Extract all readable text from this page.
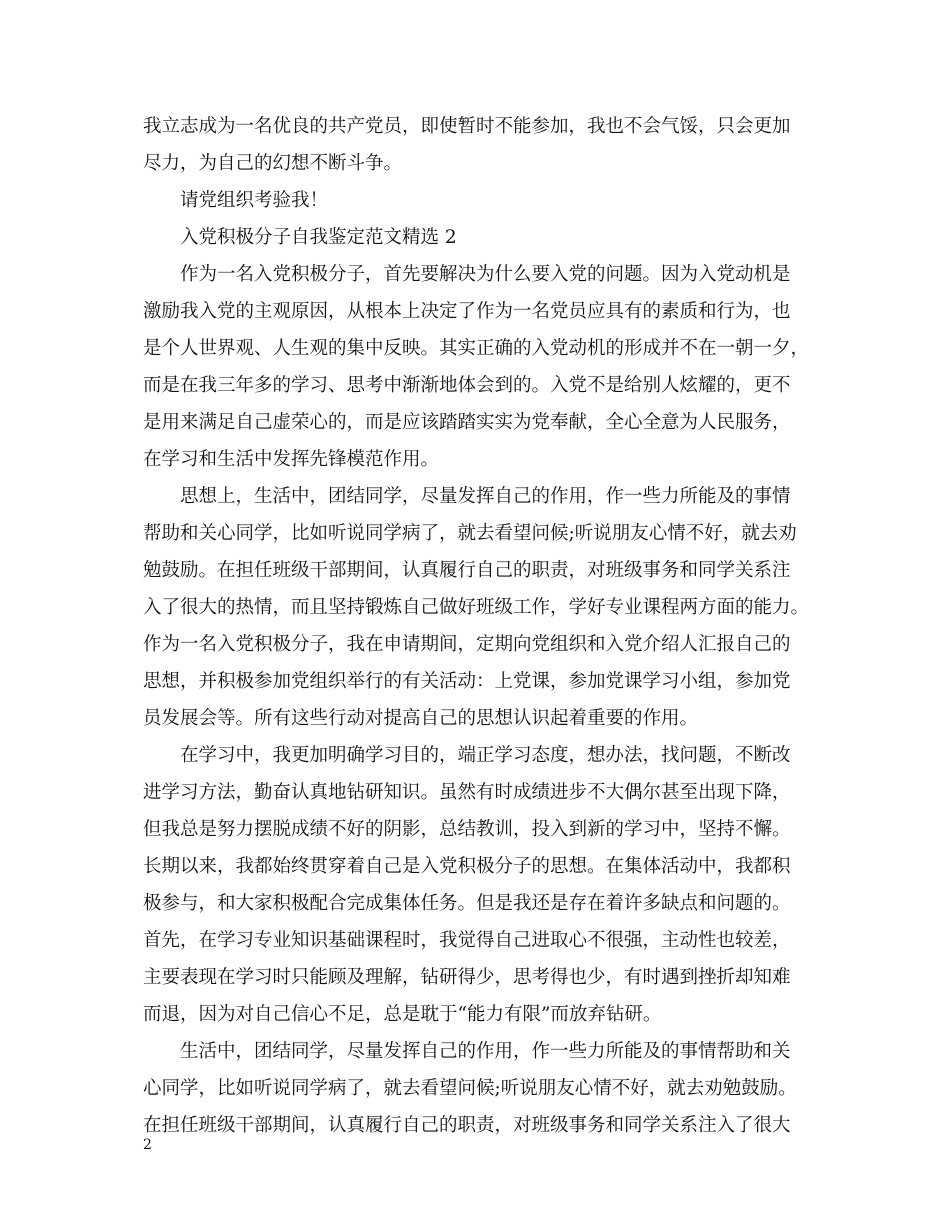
我立志成为一名优良的共产党员，即使暂时不能参加，我也不会气馁，只会更加
尽力，为自己的幻想不断斗争。
请党组织考验我！
入党积极分子自我鉴定范文精选 2
作为一名入党积极分子，首先要解决为什么要入党的问题。因为入党动机是
激励我入党的主观原因，从根本上决定了作为一名党员应具有的素质和行为，也
是个人世界观、人生观的集中反映。其实正确的入党动机的形成并不在一朝一夕，
而是在我三年多的学习、思考中渐渐地体会到的。入党不是给别人炫耀的，更不
是用来满足自己虚荣心的，而是应该踏踏实实为党奉献，全心全意为人民服务，
在学习和生活中发挥先锋模范作用。
思想上，生活中，团结同学，尽量发挥自己的作用，作一些力所能及的事情
帮助和关心同学，比如听说同学病了，就去看望问候;听说朋友心情不好，就去劝
勉鼓励。在担任班级干部期间，认真履行自己的职责，对班级事务和同学关系注
入了很大的热情，而且坚持锻炼自己做好班级工作，学好专业课程两方面的能力。
作为一名入党积极分子，我在申请期间，定期向党组织和入党介绍人汇报自己的
思想，并积极参加党组织举行的有关活动：上党课，参加党课学习小组，参加党
员发展会等。所有这些行动对提高自己的思想认识起着重要的作用。
在学习中，我更加明确学习目的，端正学习态度，想办法，找问题，不断改
进学习方法，勤奋认真地钻研知识。虽然有时成绩进步不大偶尔甚至出现下降，
但我总是努力摆脱成绩不好的阴影，总结教训，投入到新的学习中，坚持不懈。
长期以来，我都始终贯穿着自己是入党积极分子的思想。在集体活动中，我都积
极参与，和大家积极配合完成集体任务。但是我还是存在着许多缺点和问题的。
首先，在学习专业知识基础课程时，我觉得自己进取心不很强，主动性也较差，
主要表现在学习时只能顾及理解，钻研得少，思考得也少，有时遇到挫折却知难
而退，因为对自己信心不足，总是耽于“能力有限”而放弃钻研。
生活中，团结同学，尽量发挥自己的作用，作一些力所能及的事情帮助和关
心同学，比如听说同学病了，就去看望问候;听说朋友心情不好，就去劝勉鼓励。
在担任班级干部期间，认真履行自己的职责，对班级事务和同学关系注入了很大
2
